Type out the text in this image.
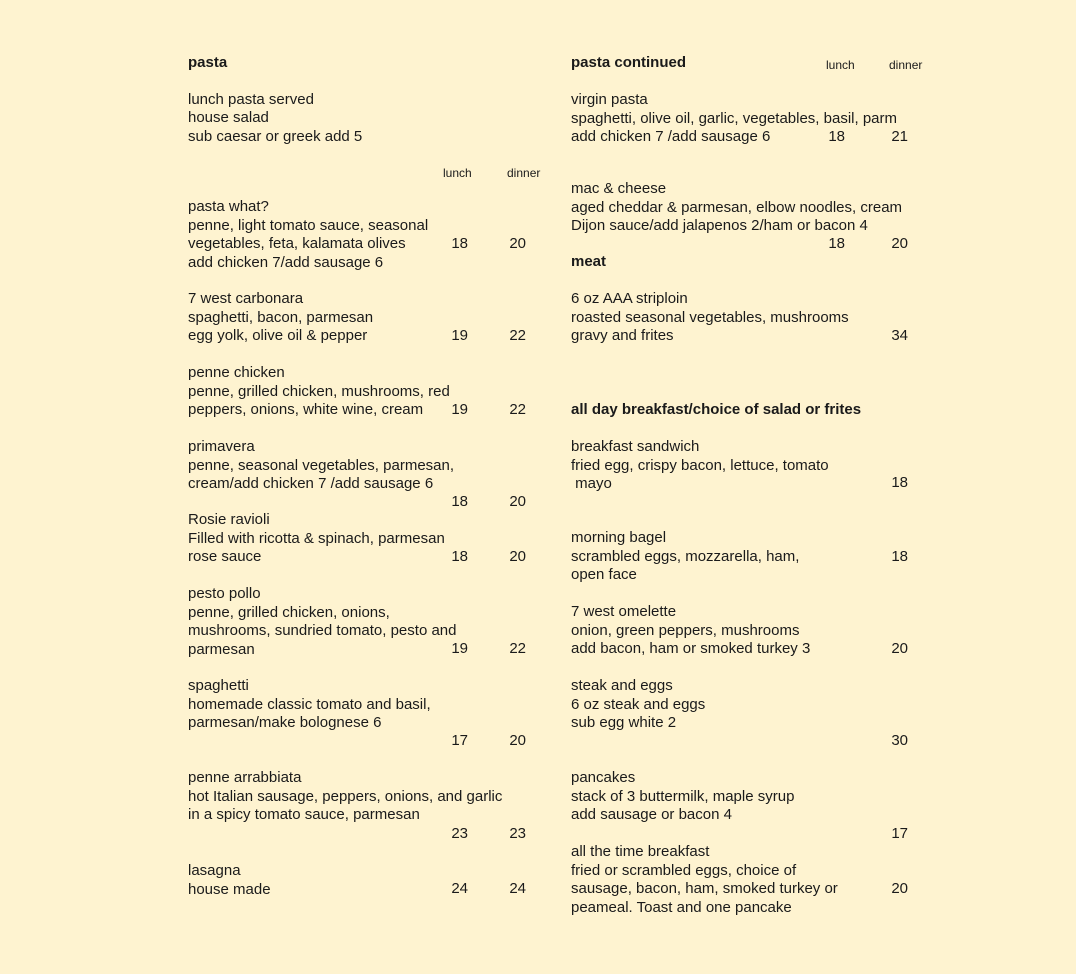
pasta
lunch pasta served
house salad
sub caesar or greek add 5
lunch	dinner
pasta what?
penne, light tomato sauce, seasonal
vegetables, feta, kalamata olives
add chicken 7/add sausage 6
18	20
7 west carbonara
spaghetti, bacon, parmesan
egg yolk, olive oil & pepper	19	22
penne chicken
penne, grilled chicken, mushrooms, red
peppers, onions, white wine, cream	19	22
primavera
penne, seasonal vegetables, parmesan,
cream/add chicken 7 /add sausage 6
18	20
Rosie ravioli
Filled with ricotta & spinach, parmesan
rose sauce	18	20
pesto pollo
penne, grilled chicken, onions,
mushrooms, sundried tomato, pesto and
parmesan	19	22
spaghetti
homemade classic tomato and basil,
parmesan/make bolognese 6
17	20
penne arrabbiata
hot Italian sausage, peppers, onions, and garlic
in a spicy tomato sauce, parmesan
23	23
lasagna
house made	24	24
pasta continued	lunch	dinner
meat
all day breakfast/choice of salad or frites
virgin pasta
spaghetti, olive oil, garlic, vegetables, basil, parm
add chicken 7 /add sausage 6	18	21
mac & cheese
aged cheddar & parmesan, elbow noodles, cream
Dijon sauce/add jalapenos 2/ham or bacon 4
18	20
6 oz AAA striploin
roasted seasonal vegetables, mushrooms
gravy and frites	34
breakfast sandwich
fried egg, crispy bacon, lettuce, tomato
mayo	18
morning bagel
scrambled eggs, mozzarella, ham,
open face
18
7 west omelette
onion, green peppers, mushrooms
add bacon, ham or smoked turkey 3	20
steak and eggs
6 oz steak and eggs
sub egg white 2
30
pancakes
stack of 3 buttermilk, maple syrup
add sausage or bacon 4
17
all the time breakfast
fried or scrambled eggs, choice of
sausage, bacon, ham, smoked turkey or
peameal. Toast and one pancake
20
